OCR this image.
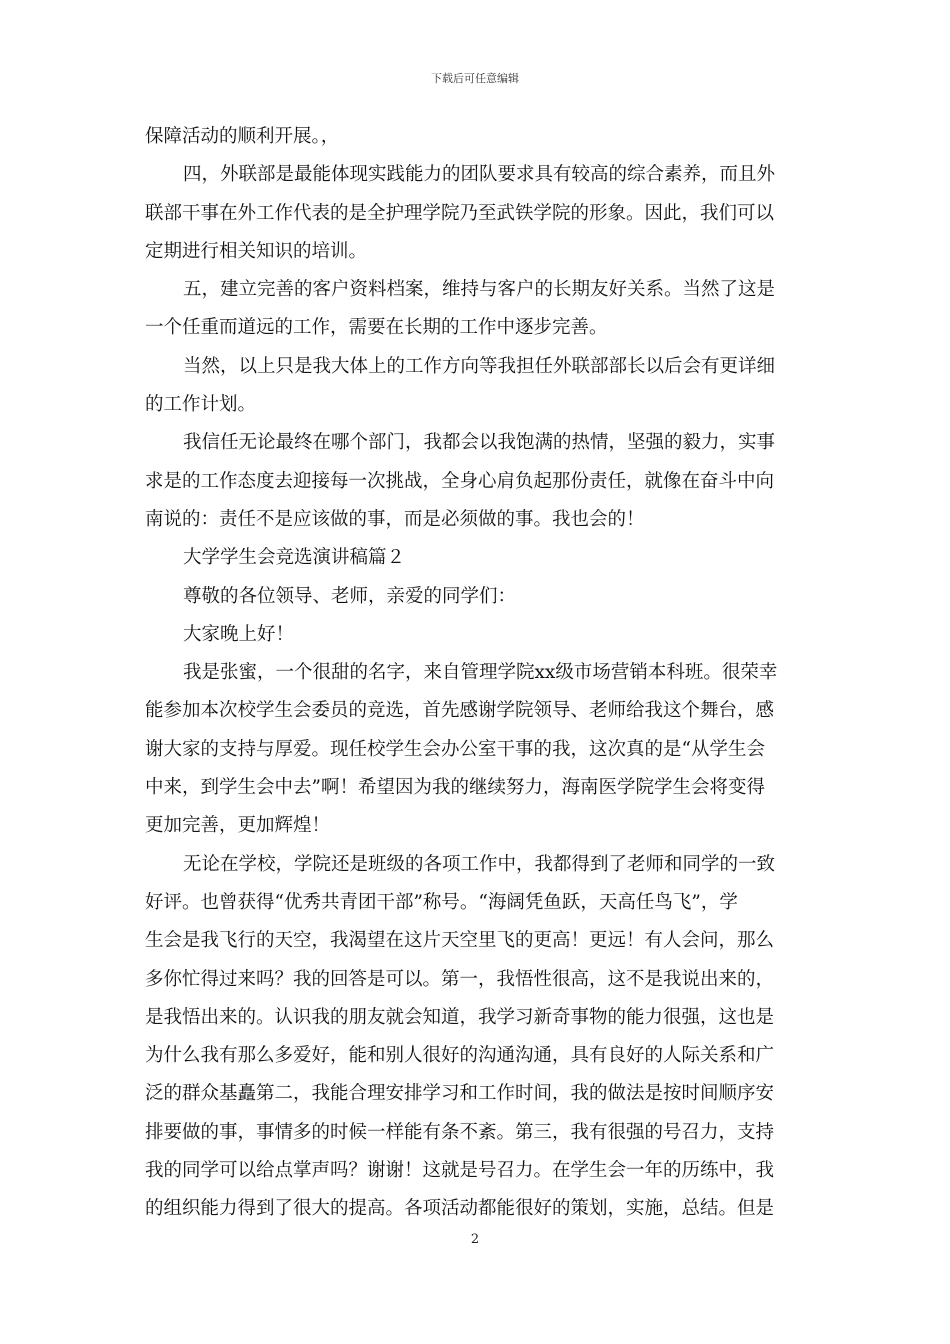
下载后可任意编辑
保障活动的顺利开展。，
四，外联部是最能体现实践能力的团队要求具有较高的综合素养，而且外
联部干事在外工作代表的是全护理学院乃至武铁学院的形象。因此，我们可以
定期进行相关知识的培训。
五，建立完善的客户资料档案，维持与客户的长期友好关系。当然了这是
一个任重而道远的工作，需要在长期的工作中逐步完善。
当然，以上只是我大体上的工作方向等我担任外联部部长以后会有更详细
的工作计划。
我信任无论最终在哪个部门，我都会以我饱满的热情，坚强的毅力，实事
求是的工作态度去迎接每一次挑战，全身心肩负起那份责任，就像在奋斗中向
南说的：责任不是应该做的事，而是必须做的事。我也会的！
大学学生会竞选演讲稿篇２
尊敬的各位领导、老师，亲爱的同学们：
大家晚上好！
我是张蜜，一个很甜的名字，来自管理学院xx级市场营销本科班。很荣幸
能参加本次校学生会委员的竞选，首先感谢学院领导、老师给我这个舞台，感
谢大家的支持与厚爱。现任校学生会办公室干事的我，这次真的是“从学生会
中来，到学生会中去”啊！希望因为我的继续努力，海南医学院学生会将变得
更加完善，更加辉煌！
无论在学校，学院还是班级的各项工作中，我都得到了老师和同学的一致
好评。也曾获得“优秀共青团干部”称号。“海阔凭鱼跃，天高任鸟飞”，学
生会是我飞行的天空，我渴望在这片天空里飞的更高！更远！有人会问，那么
多你忙得过来吗？我的回答是可以。第一，我悟性很高，这不是我说出来的，
是我悟出来的。认识我的朋友就会知道，我学习新奇事物的能力很强，这也是
为什么我有那么多爱好，能和别人很好的沟通沟通，具有良好的人际关系和广
泛的群众基矗第二，我能合理安排学习和工作时间，我的做法是按时间顺序安
排要做的事，事情多的时候一样能有条不紊。第三，我有很强的号召力，支持
我的同学可以给点掌声吗？谢谢！这就是号召力。在学生会一年的历练中，我
的组织能力得到了很大的提高。各项活动都能很好的策划，实施，总结。但是
2
